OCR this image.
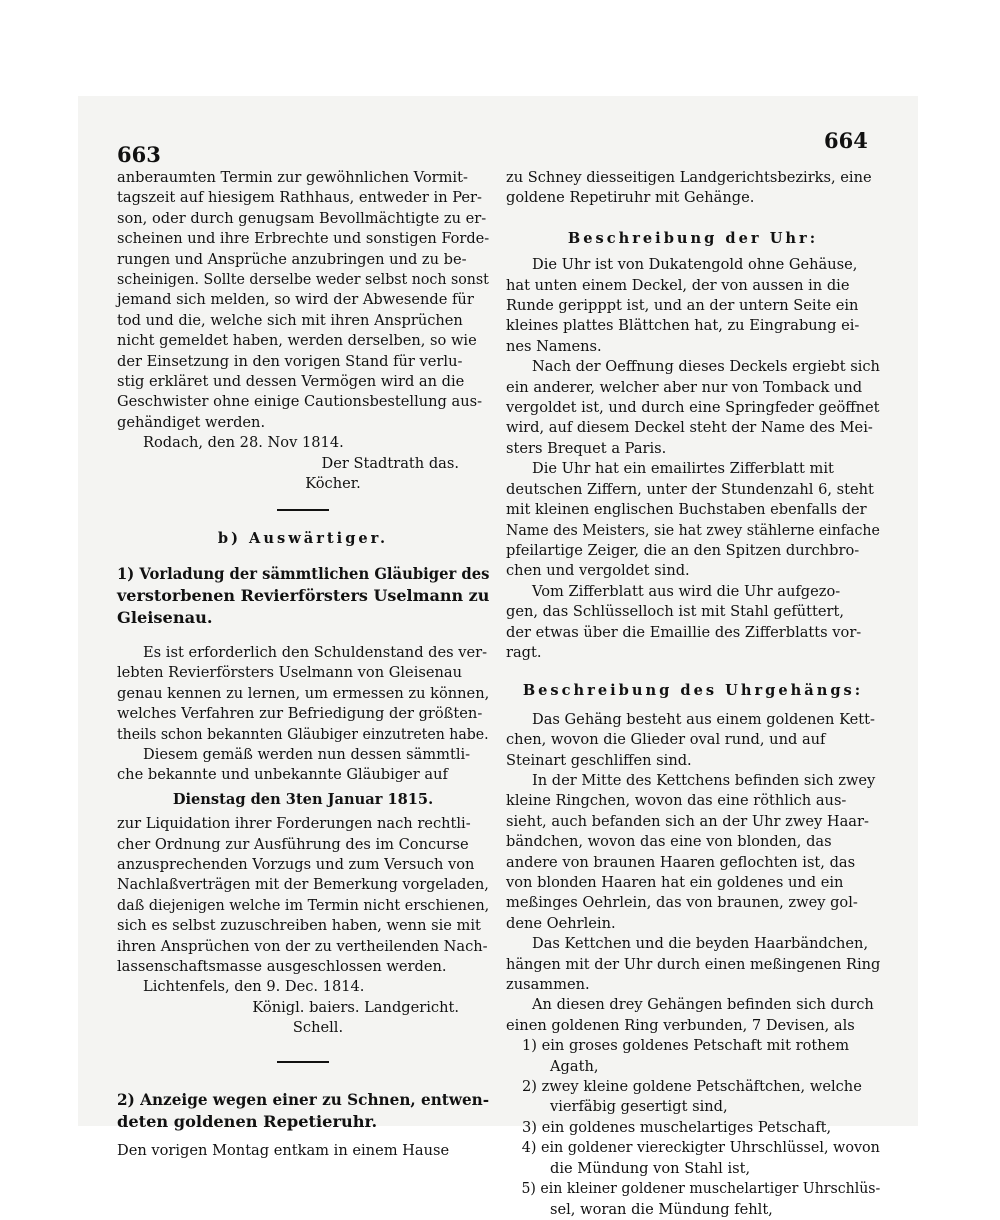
663
664

anberaumten Termin zur gewöhnlichen Vormit-

tagszeit auf hiesigem Rathhaus, entweder in Per-

son, oder durch genugsam Bevollmächtigte zu er-

scheinen und ihre Erbrechte und sonstigen Forde-

rungen und Ansprüche anzubringen und zu be-

scheinigen. Sollte derselbe weder selbst noch sonst

jemand sich melden, so wird der Abwesende für

tod und die, welche sich mit ihren Ansprüchen

nicht gemeldet haben, werden derselben, so wie

der Einsetzung in den vorigen Stand für verlu-

stig erkläret und dessen Vermögen wird an die

Geschwister ohne einige Cautionsbestellung aus-

gehändiget werden.

Rodach, den 28. Nov 1814.

Der Stadtrath das.

Köcher.

b) Auswärtiger.

1) Vorladung der sämmtlichen Gläubiger des

verstorbenen Revierförsters Uselmann zu

Gleisenau.

Es ist erforderlich den Schuldenstand des ver-

lebten Revierförsters Uselmann von Gleisenau

genau kennen zu lernen, um ermessen zu können,

welches Verfahren zur Befriedigung der größten-

theils schon bekannten Gläubiger einzutreten habe.

Diesem gemäß werden nun dessen sämmtli-

che bekannte und unbekannte Gläubiger auf

Dienstag den 3ten Januar 1815.

zur Liquidation ihrer Forderungen nach rechtli-

cher Ordnung zur Ausführung des im Concurse

anzusprechenden Vorzugs und zum Versuch von

Nachlaßverträgen mit der Bemerkung vorgeladen,

daß diejenigen welche im Termin nicht erschienen,

sich es selbst zuzuschreiben haben, wenn sie mit

ihren Ansprüchen von der zu vertheilenden Nach-

lassenschaftsmasse ausgeschlossen werden.

Lichtenfels, den 9. Dec. 1814.

Königl. baiers. Landgericht.

Schell.

2) Anzeige wegen einer zu Schnen, entwen-

deten goldenen Repetieruhr.

Den vorigen Montag entkam in einem Hause

zu Schney diesseitigen Landgerichtsbezirks, eine

goldene Repetiruhr mit Gehänge.

Beschreibung der Uhr:

Die Uhr ist von Dukatengold ohne Gehäuse,

hat unten einem Deckel, der von aussen in die

Runde geripppt ist, und an der untern Seite ein

kleines plattes Blättchen hat, zu Eingrabung ei-

nes Namens.

Nach der Oeffnung dieses Deckels ergiebt sich

ein anderer, welcher aber nur von Tomback und

vergoldet ist, und durch eine Springfeder geöffnet

wird, auf diesem Deckel steht der Name des Mei-

sters Brequet a Paris.

Die Uhr hat ein emailirtes Zifferblatt mit

deutschen Ziffern, unter der Stundenzahl 6, steht

mit kleinen englischen Buchstaben ebenfalls der

Name des Meisters, sie hat zwey stählerne einfache

pfeilartige Zeiger, die an den Spitzen durchbro-

chen und vergoldet sind.

Vom Zifferblatt aus wird die Uhr aufgezo-

gen, das Schlüsselloch ist mit Stahl gefüttert,

der etwas über die Emaillie des Zifferblatts vor-

ragt.

Beschreibung des Uhrgehängs:

Das Gehäng besteht aus einem goldenen Kett-

chen, wovon die Glieder oval rund, und auf

Steinart geschliffen sind.

In der Mitte des Kettchens befinden sich zwey

kleine Ringchen, wovon das eine röthlich aus-

sieht, auch befanden sich an der Uhr zwey Haar-

bändchen, wovon das eine von blonden, das

andere von braunen Haaren geflochten ist, das

von blonden Haaren hat ein goldenes und ein

meßinges Oehrlein, das von braunen, zwey gol-

dene Oehrlein.

Das Kettchen und die beyden Haarbändchen,

hängen mit der Uhr durch einen meßingenen Ring

zusammen.

An diesen drey Gehängen befinden sich durch

einen goldenen Ring verbunden, 7 Devisen, als

1) ein groses goldenes Petschaft mit rothem

Agath,

2) zwey kleine goldene Petschäftchen, welche

vierfäbig gesertigt sind,

3) ein goldenes muschelartiges Petschaft,

4) ein goldener viereckigter Uhrschlüssel, wovon

die Mündung von Stahl ist,

5) ein kleiner goldener muschelartiger Uhrschlüs-

sel, woran die Mündung fehlt,
